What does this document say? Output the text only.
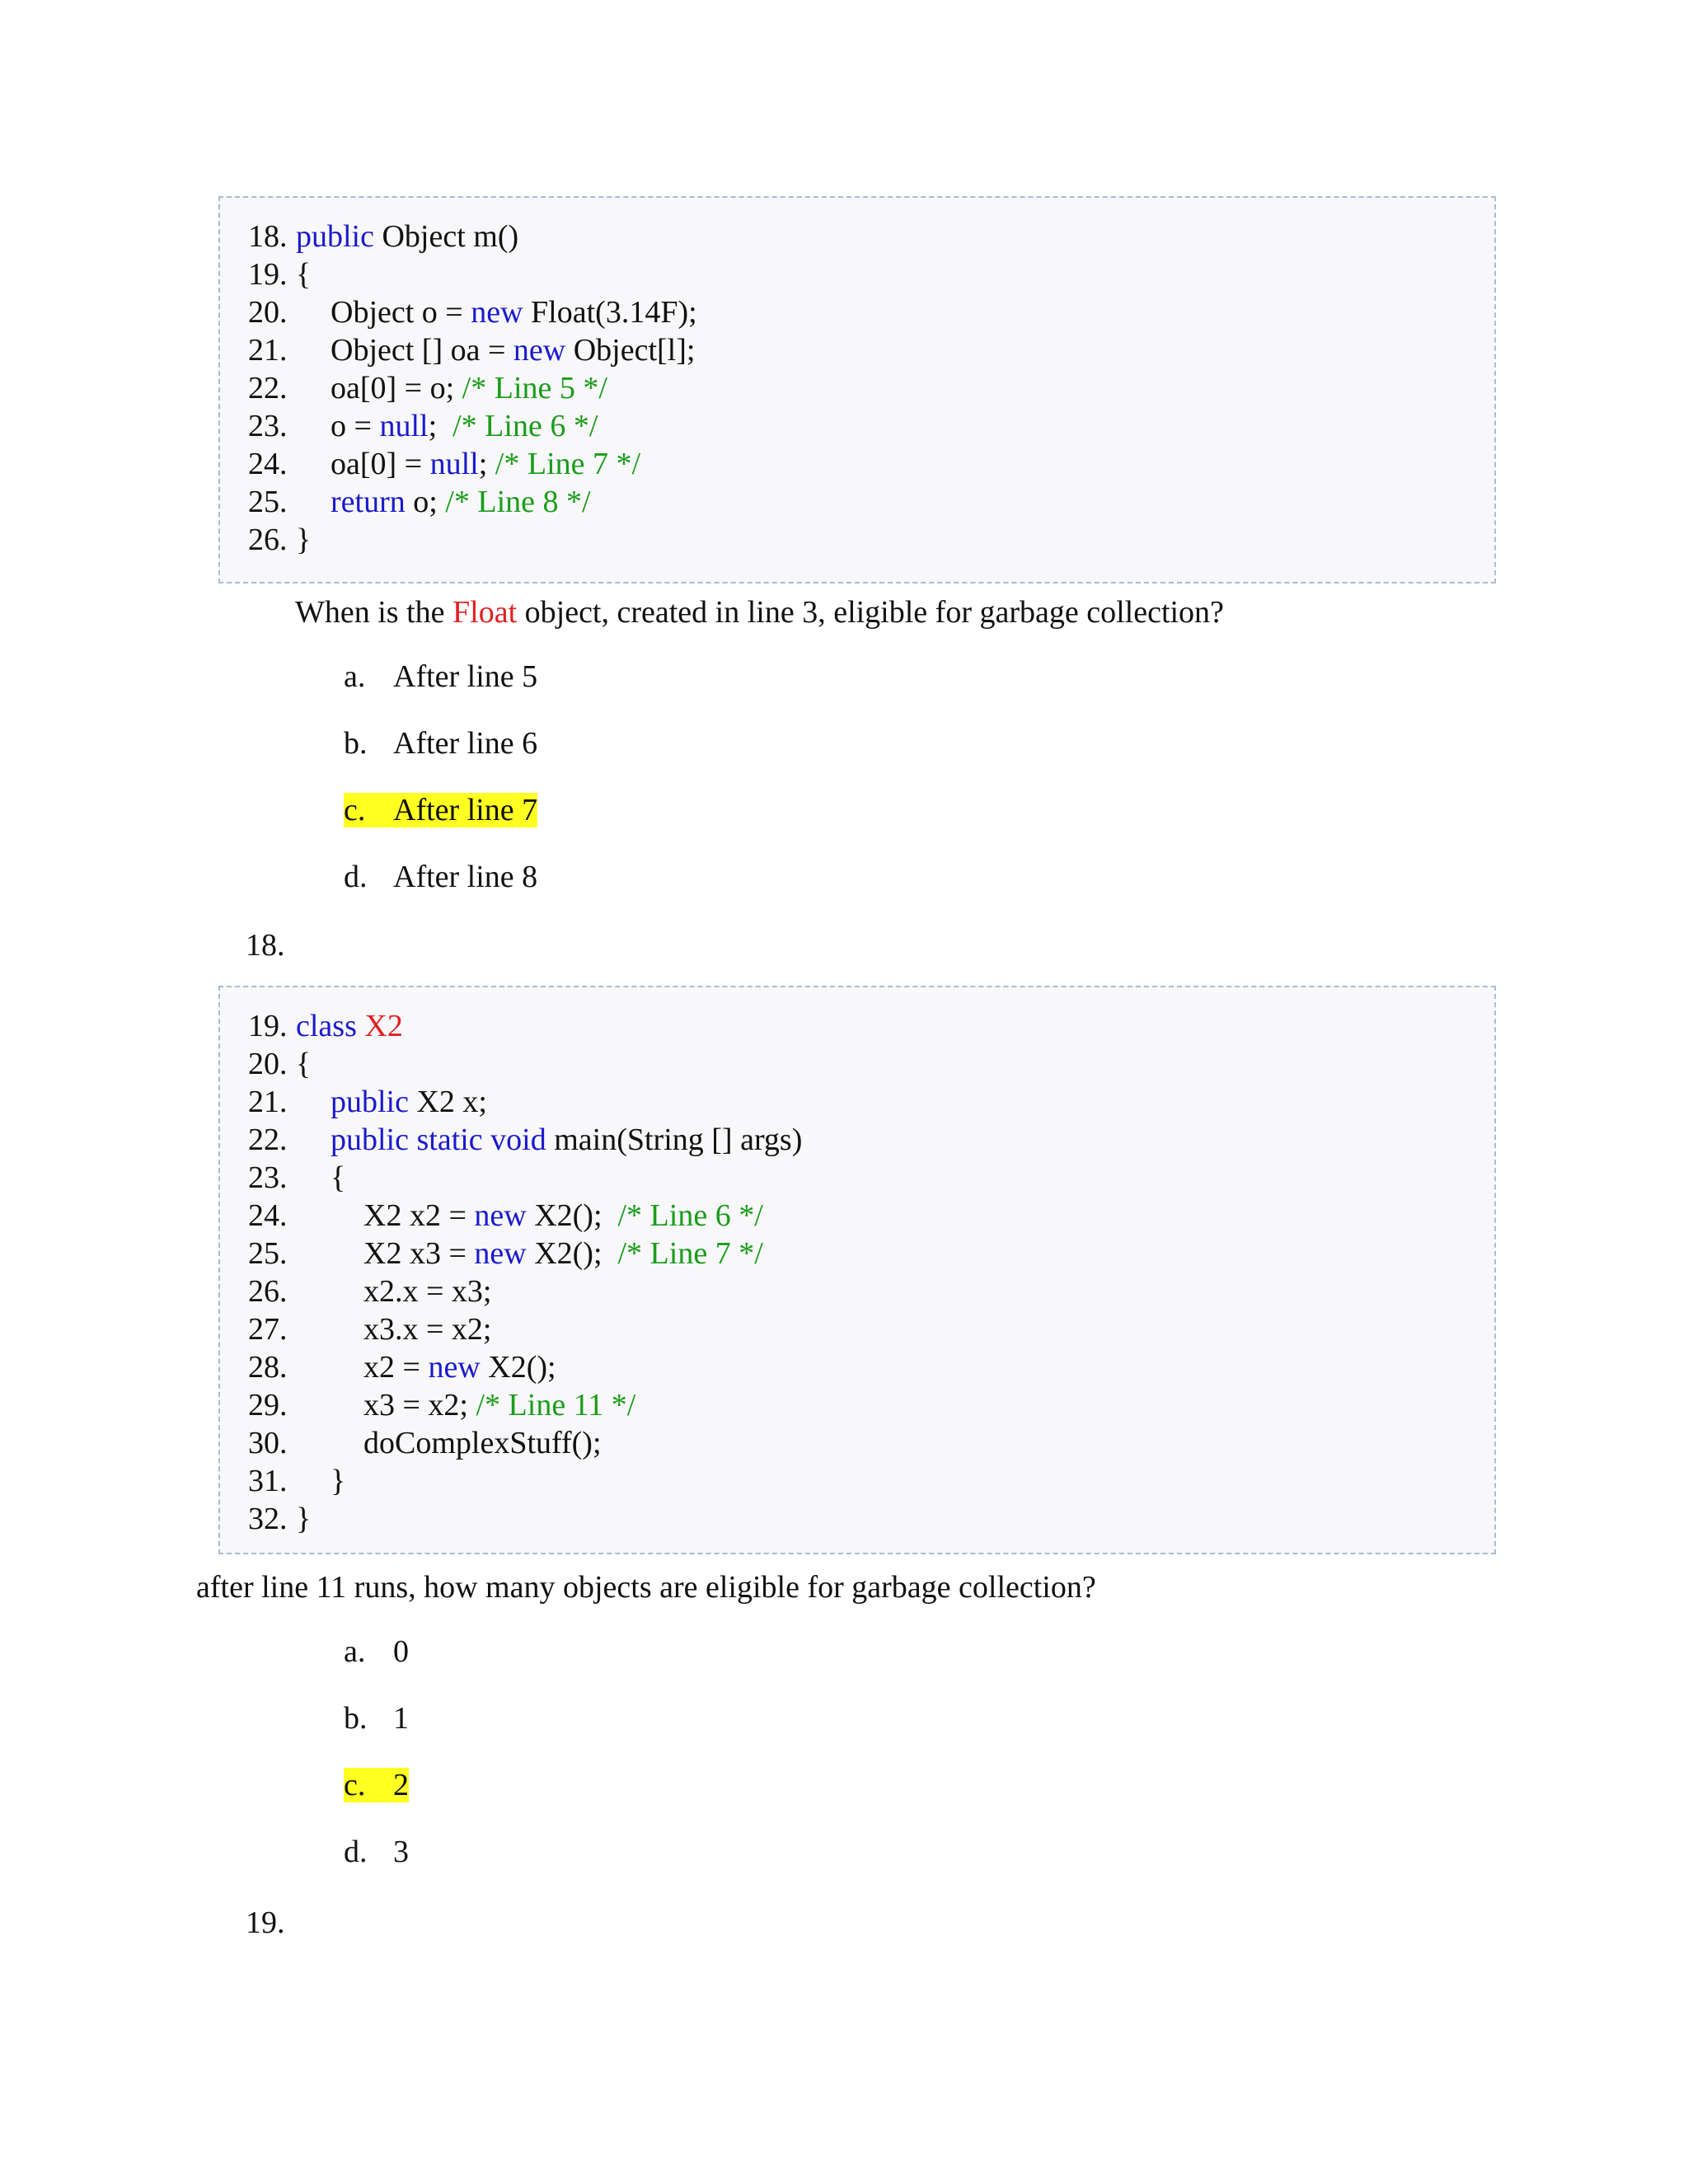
18. public Object m()
19. {
20. Object o = new Float(3.14F);
21. Object [] oa = new Object[l];
22. oa[0] = o; /* Line 5 */
23. o = null;  /* Line 6 */
24. oa[0] = null; /* Line 7 */
25. return o; /* Line 8 */
26. }
When is the Float object, created in line 3, eligible for garbage collection?
a. After line 5
b. After line 6
c. After line 7
d. After line 8
18.
19. class X2
20. {
21. public X2 x;
22. public static void main(String [] args)
23. {
24. X2 x2 = new X2();  /* Line 6 */
25. X2 x3 = new X2();  /* Line 7 */
26. x2.x = x3;
27. x3.x = x2;
28. x2 = new X2();
29. x3 = x2; /* Line 11 */
30. doComplexStuff();
31. }
32. }
after line 11 runs, how many objects are eligible for garbage collection?
a. 0
b. 1
c. 2
d. 3
19.
